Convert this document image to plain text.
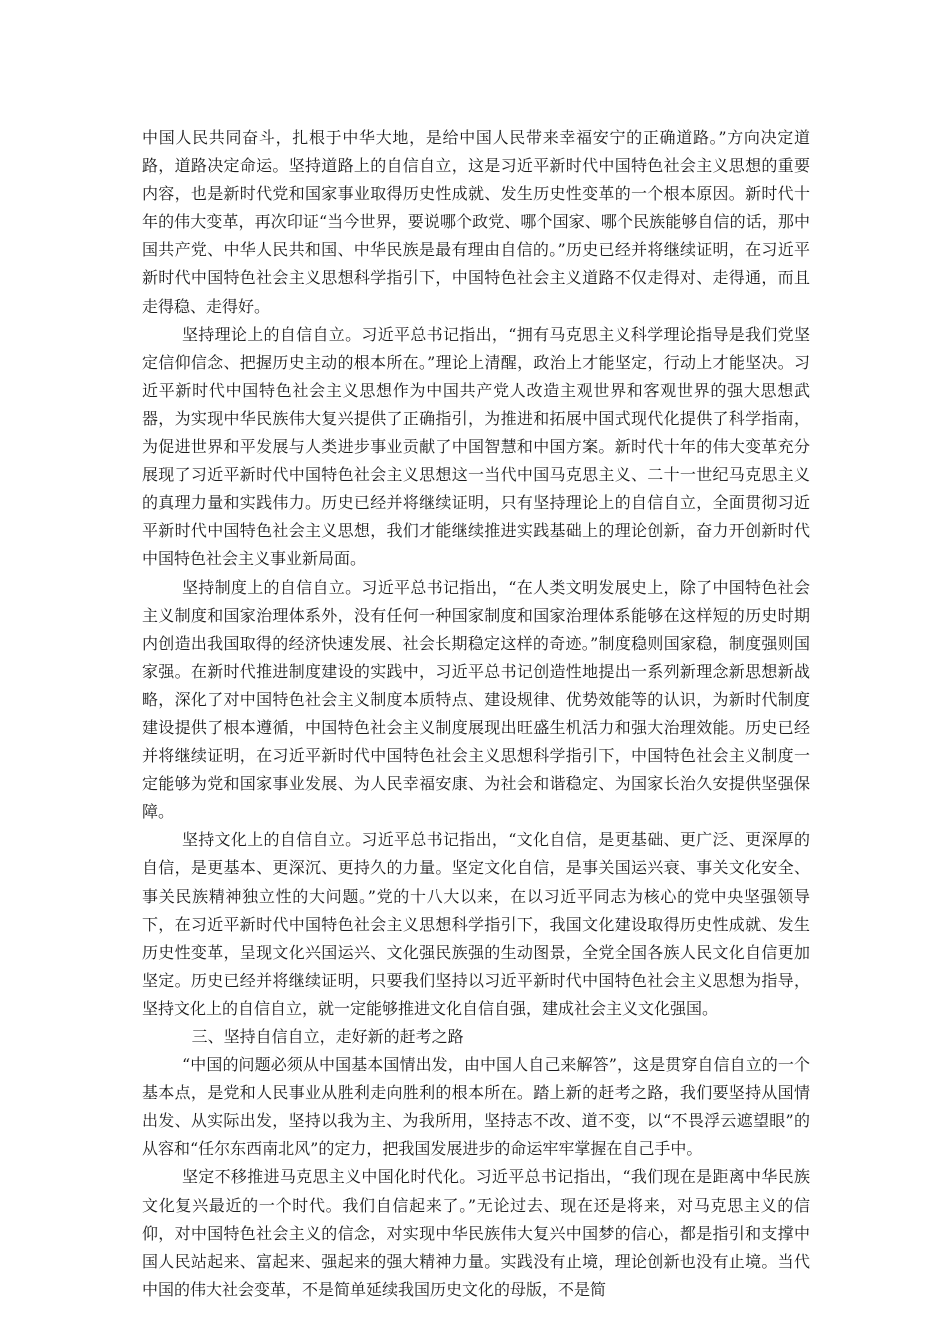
中国人民共同奋斗，扎根于中华大地，是给中国人民带来幸福安宁的正确道路。”方向决定道路，道路决定命运。坚持道路上的自信自立，这是习近平新时代中国特色社会主义思想的重要内容，也是新时代党和国家事业取得历史性成就、发生历史性变革的一个根本原因。新时代十年的伟大变革，再次印证“当今世界，要说哪个政党、哪个国家、哪个民族能够自信的话，那中国共产党、中华人民共和国、中华民族是最有理由自信的。”历史已经并将继续证明，在习近平新时代中国特色社会主义思想科学指引下，中国特色社会主义道路不仅走得对、走得通，而且走得稳、走得好。

坚持理论上的自信自立。习近平总书记指出，“拥有马克思主义科学理论指导是我们党坚定信仰信念、把握历史主动的根本所在。”理论上清醒，政治上才能坚定，行动上才能坚决。习近平新时代中国特色社会主义思想作为中国共产党人改造主观世界和客观世界的强大思想武器，为实现中华民族伟大复兴提供了正确指引，为推进和拓展中国式现代化提供了科学指南，为促进世界和平发展与人类进步事业贡献了中国智慧和中国方案。新时代十年的伟大变革充分展现了习近平新时代中国特色社会主义思想这一当代中国马克思主义、二十一世纪马克思主义的真理力量和实践伟力。历史已经并将继续证明，只有坚持理论上的自信自立，全面贯彻习近平新时代中国特色社会主义思想，我们才能继续推进实践基础上的理论创新，奋力开创新时代中国特色社会主义事业新局面。

坚持制度上的自信自立。习近平总书记指出，“在人类文明发展史上，除了中国特色社会主义制度和国家治理体系外，没有任何一种国家制度和国家治理体系能够在这样短的历史时期内创造出我国取得的经济快速发展、社会长期稳定这样的奇迹。”制度稳则国家稳，制度强则国家强。在新时代推进制度建设的实践中，习近平总书记创造性地提出一系列新理念新思想新战略，深化了对中国特色社会主义制度本质特点、建设规律、优势效能等的认识，为新时代制度建设提供了根本遵循，中国特色社会主义制度展现出旺盛生机活力和强大治理效能。历史已经并将继续证明，在习近平新时代中国特色社会主义思想科学指引下，中国特色社会主义制度一定能够为党和国家事业发展、为人民幸福安康、为社会和谐稳定、为国家长治久安提供坚强保障。

坚持文化上的自信自立。习近平总书记指出，“文化自信，是更基础、更广泛、更深厚的自信，是更基本、更深沉、更持久的力量。坚定文化自信，是事关国运兴衰、事关文化安全、事关民族精神独立性的大问题。”党的十八大以来，在以习近平同志为核心的党中央坚强领导下，在习近平新时代中国特色社会主义思想科学指引下，我国文化建设取得历史性成就、发生历史性变革，呈现文化兴国运兴、文化强民族强的生动图景，全党全国各族人民文化自信更加坚定。历史已经并将继续证明，只要我们坚持以习近平新时代中国特色社会主义思想为指导，坚持文化上的自信自立，就一定能够推进文化自信自强，建成社会主义文化强国。

三、坚持自信自立，走好新的赶考之路

“中国的问题必须从中国基本国情出发，由中国人自己来解答”，这是贯穿自信自立的一个基本点，是党和人民事业从胜利走向胜利的根本所在。踏上新的赶考之路，我们要坚持从国情出发、从实际出发，坚持以我为主、为我所用，坚持志不改、道不变，以“不畏浮云遮望眼”的从容和“任尔东西南北风”的定力，把我国发展进步的命运牢牢掌握在自己手中。

坚定不移推进马克思主义中国化时代化。习近平总书记指出，“我们现在是距离中华民族文化复兴最近的一个时代。我们自信起来了。”无论过去、现在还是将来，对马克思主义的信仰，对中国特色社会主义的信念，对实现中华民族伟大复兴中国梦的信心，都是指引和支撑中国人民站起来、富起来、强起来的强大精神力量。实践没有止境，理论创新也没有止境。当代中国的伟大社会变革，不是简单延续我国历史文化的母版，不是简
